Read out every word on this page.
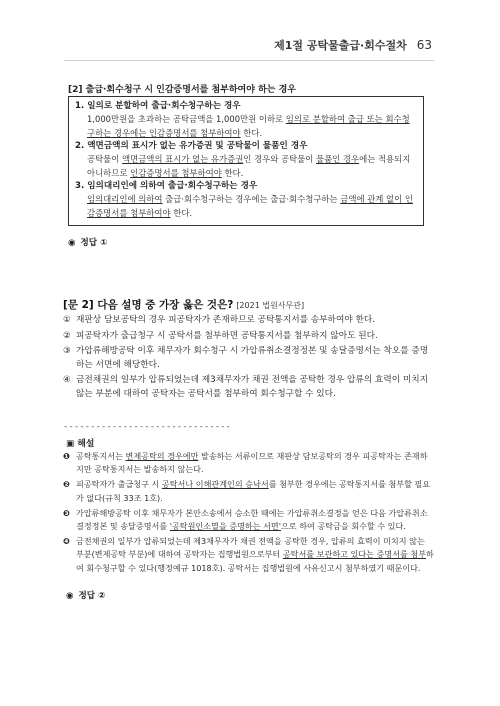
제1절 공탁물출급·회수절차 63
[2] 출급·회수청구 시 인감증명서를 첨부하여야 하는 경우
1. 일의로 분할하여 출급·회수청구하는 경우
1,000만원을 초과하는 공탁금액을 1,000만원 이하로 임의로 분할하여 출급 또는 회수청구하는 경우에는 인감증명서를 첨부하여야 한다.
2. 액면금액의 표시가 없는 유가증권 및 공탁물이 물품인 경우
공탁물이 액면금액의 표시가 없는 유가증권인 경우와 공탁물이 물품인 경우에는 적용되지 아니하므로 인감증명서를 첨부하여야 한다.
3. 임의대리인에 의하여 출급·회수청구하는 경우
임의대리인에 의하여 출급·회수청구하는 경우에는 출급·회수청구하는 금액에 관계 없이 인감증명서를 첨부하여야 한다.
◉ 정답 ①
[문 2] 다음 설명 중 가장 옳은 것은? [2021 법원사무관]
① 재판상 담보공탁의 경우 피공탁자가 존재하므로 공탁통지서를 송부하여야 한다.
② 피공탁자가 출급청구 시 공탁서를 첨부하면 공탁통지서를 첨부하지 않아도 된다.
③ 가압류해방공탁 이후 채무자가 회수청구 시 가압류취소결정정본 및 송달증명서는 착오를 증명하는 서면에 해당한다.
④ 금전채권의 일부가 압류되었는데 제3채무자가 채권 전액을 공탁한 경우 압류의 효력이 미치지 않는 부분에 대하여 공탁자는 공탁서를 첨부하여 회수청구할 수 있다.
-------------------------------
▣ 해설
❶ 공탁통지서는 변제공탁의 경우에만 발송하는 서류이므로 재판상 담보공탁의 경우 피공탁자는 존재하지만 공탁통지서는 발송하지 않는다.
❷ 피공탁자가 출급청구 시 공탁서나 이해관계인의 승낙서를 첨부한 경우에는 공탁통지서를 첨부할 필요가 없다(규칙 33조 1호).
❸ 가압류해방공탁 이후 채무자가 본안소송에서 승소한 때에는 가압류취소결정을 얻은 다음 가압류취소결정정본 및 송달증명서를 '공탁원인소멸을 증명하는 서면'으로 하여 공탁금을 회수할 수 있다.
❹ 금전채권의 일부가 압류되었는데 제3채무자가 채권 전액을 공탁한 경우, 압류의 효력이 미치지 않는 부분(변제공탁 부분)에 대하여 공탁자는 집행법원으로부터 공탁서를 보관하고 있다는 증명서를 첨부하여 회수청구할 수 있다(행정예규 1018호). 공탁서는 집행법원에 사유신고시 첨부하였기 때문이다.
◉ 정답 ②
